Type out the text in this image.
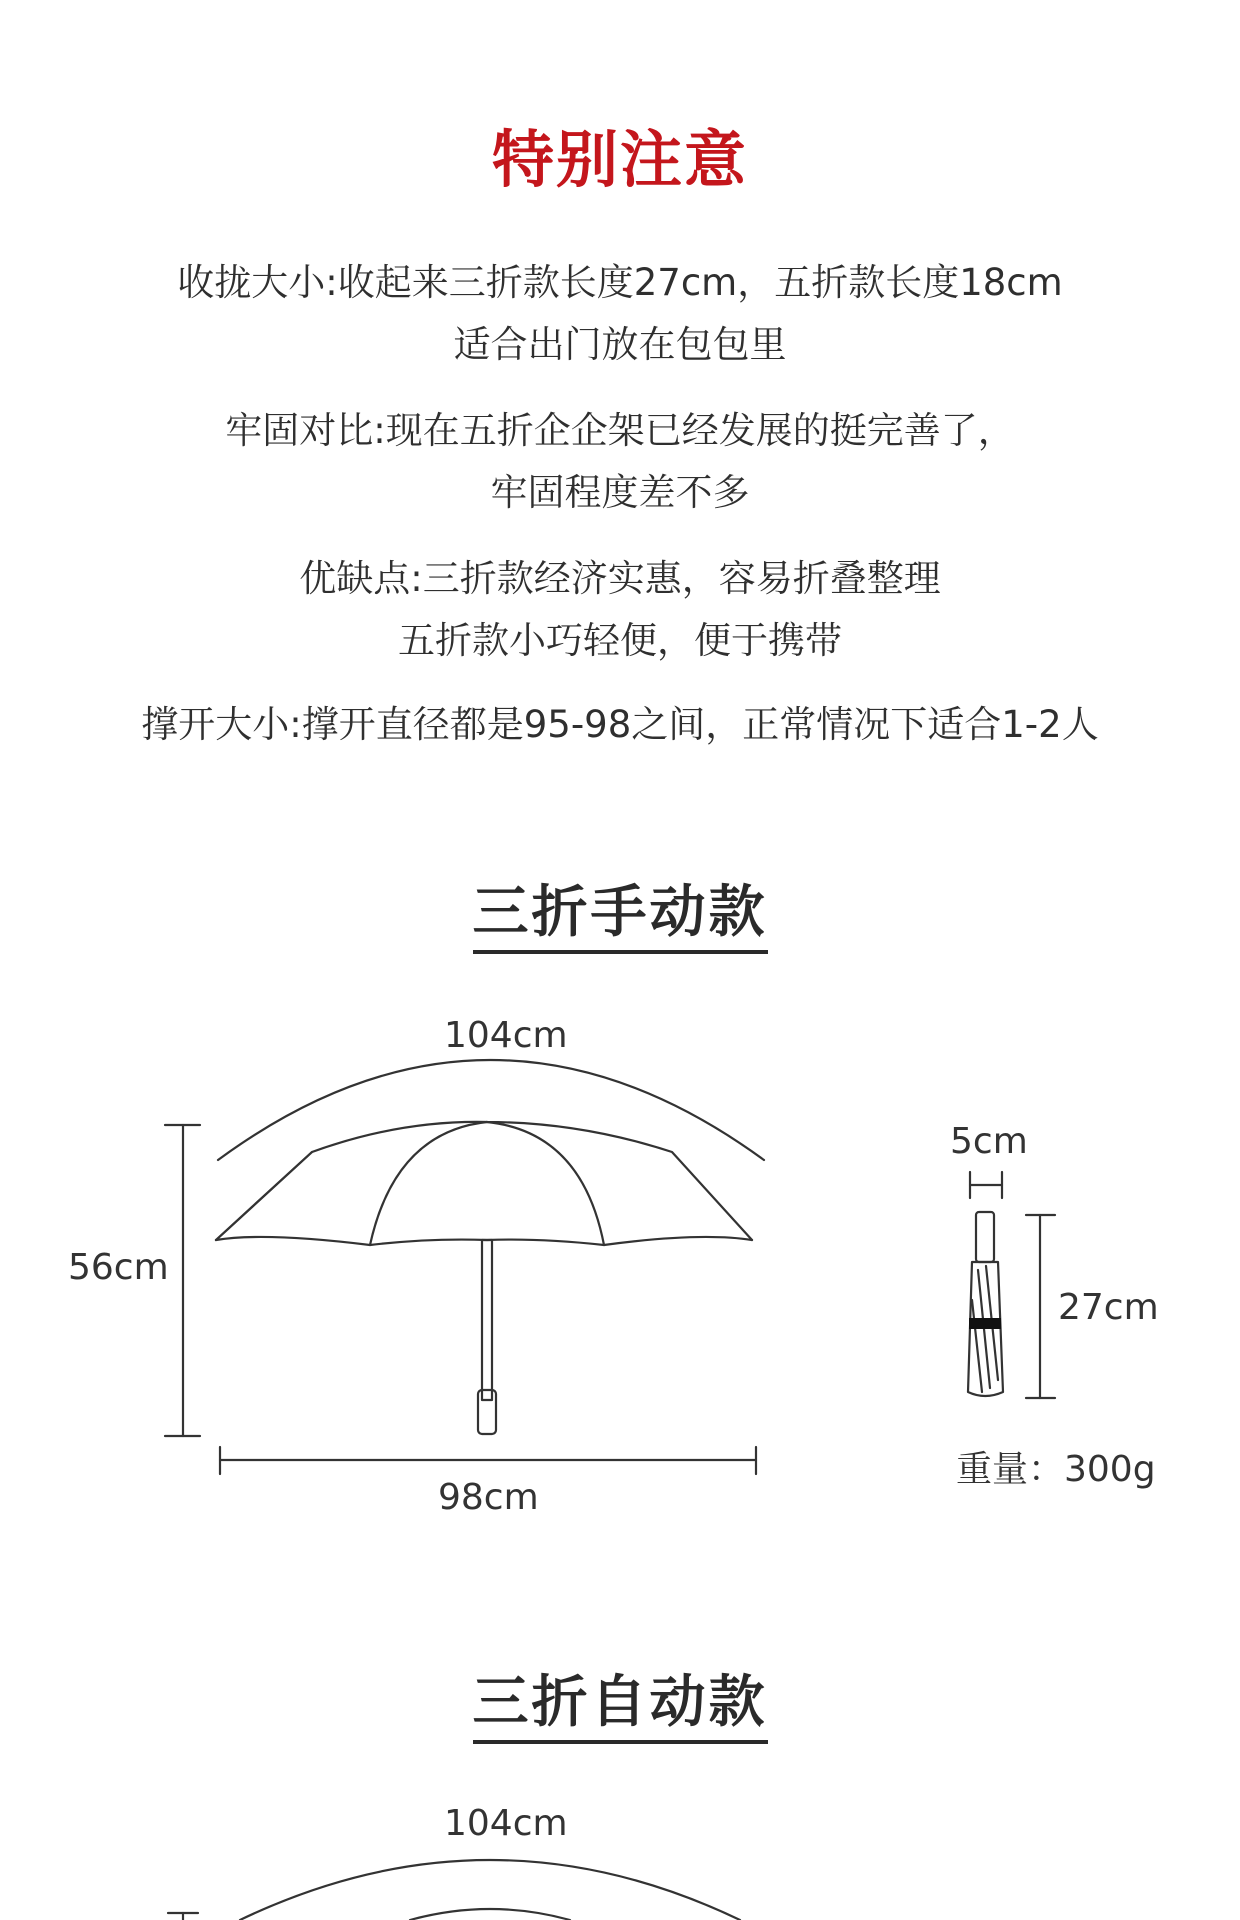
特别注意
收拢大小:收起来三折款长度27cm，五折款长度18cm
适合出门放在包包里
牢固对比:现在五折企企架已经发展的挺完善了，
牢固程度差不多
优缺点:三折款经济实惠，容易折叠整理
五折款小巧轻便，便于携带
撑开大小:撑开直径都是95-98之间，正常情况下适合1-2人
三折手动款
104cm
56cm
98cm
5cm
27cm
重量：300g
三折自动款
104cm
